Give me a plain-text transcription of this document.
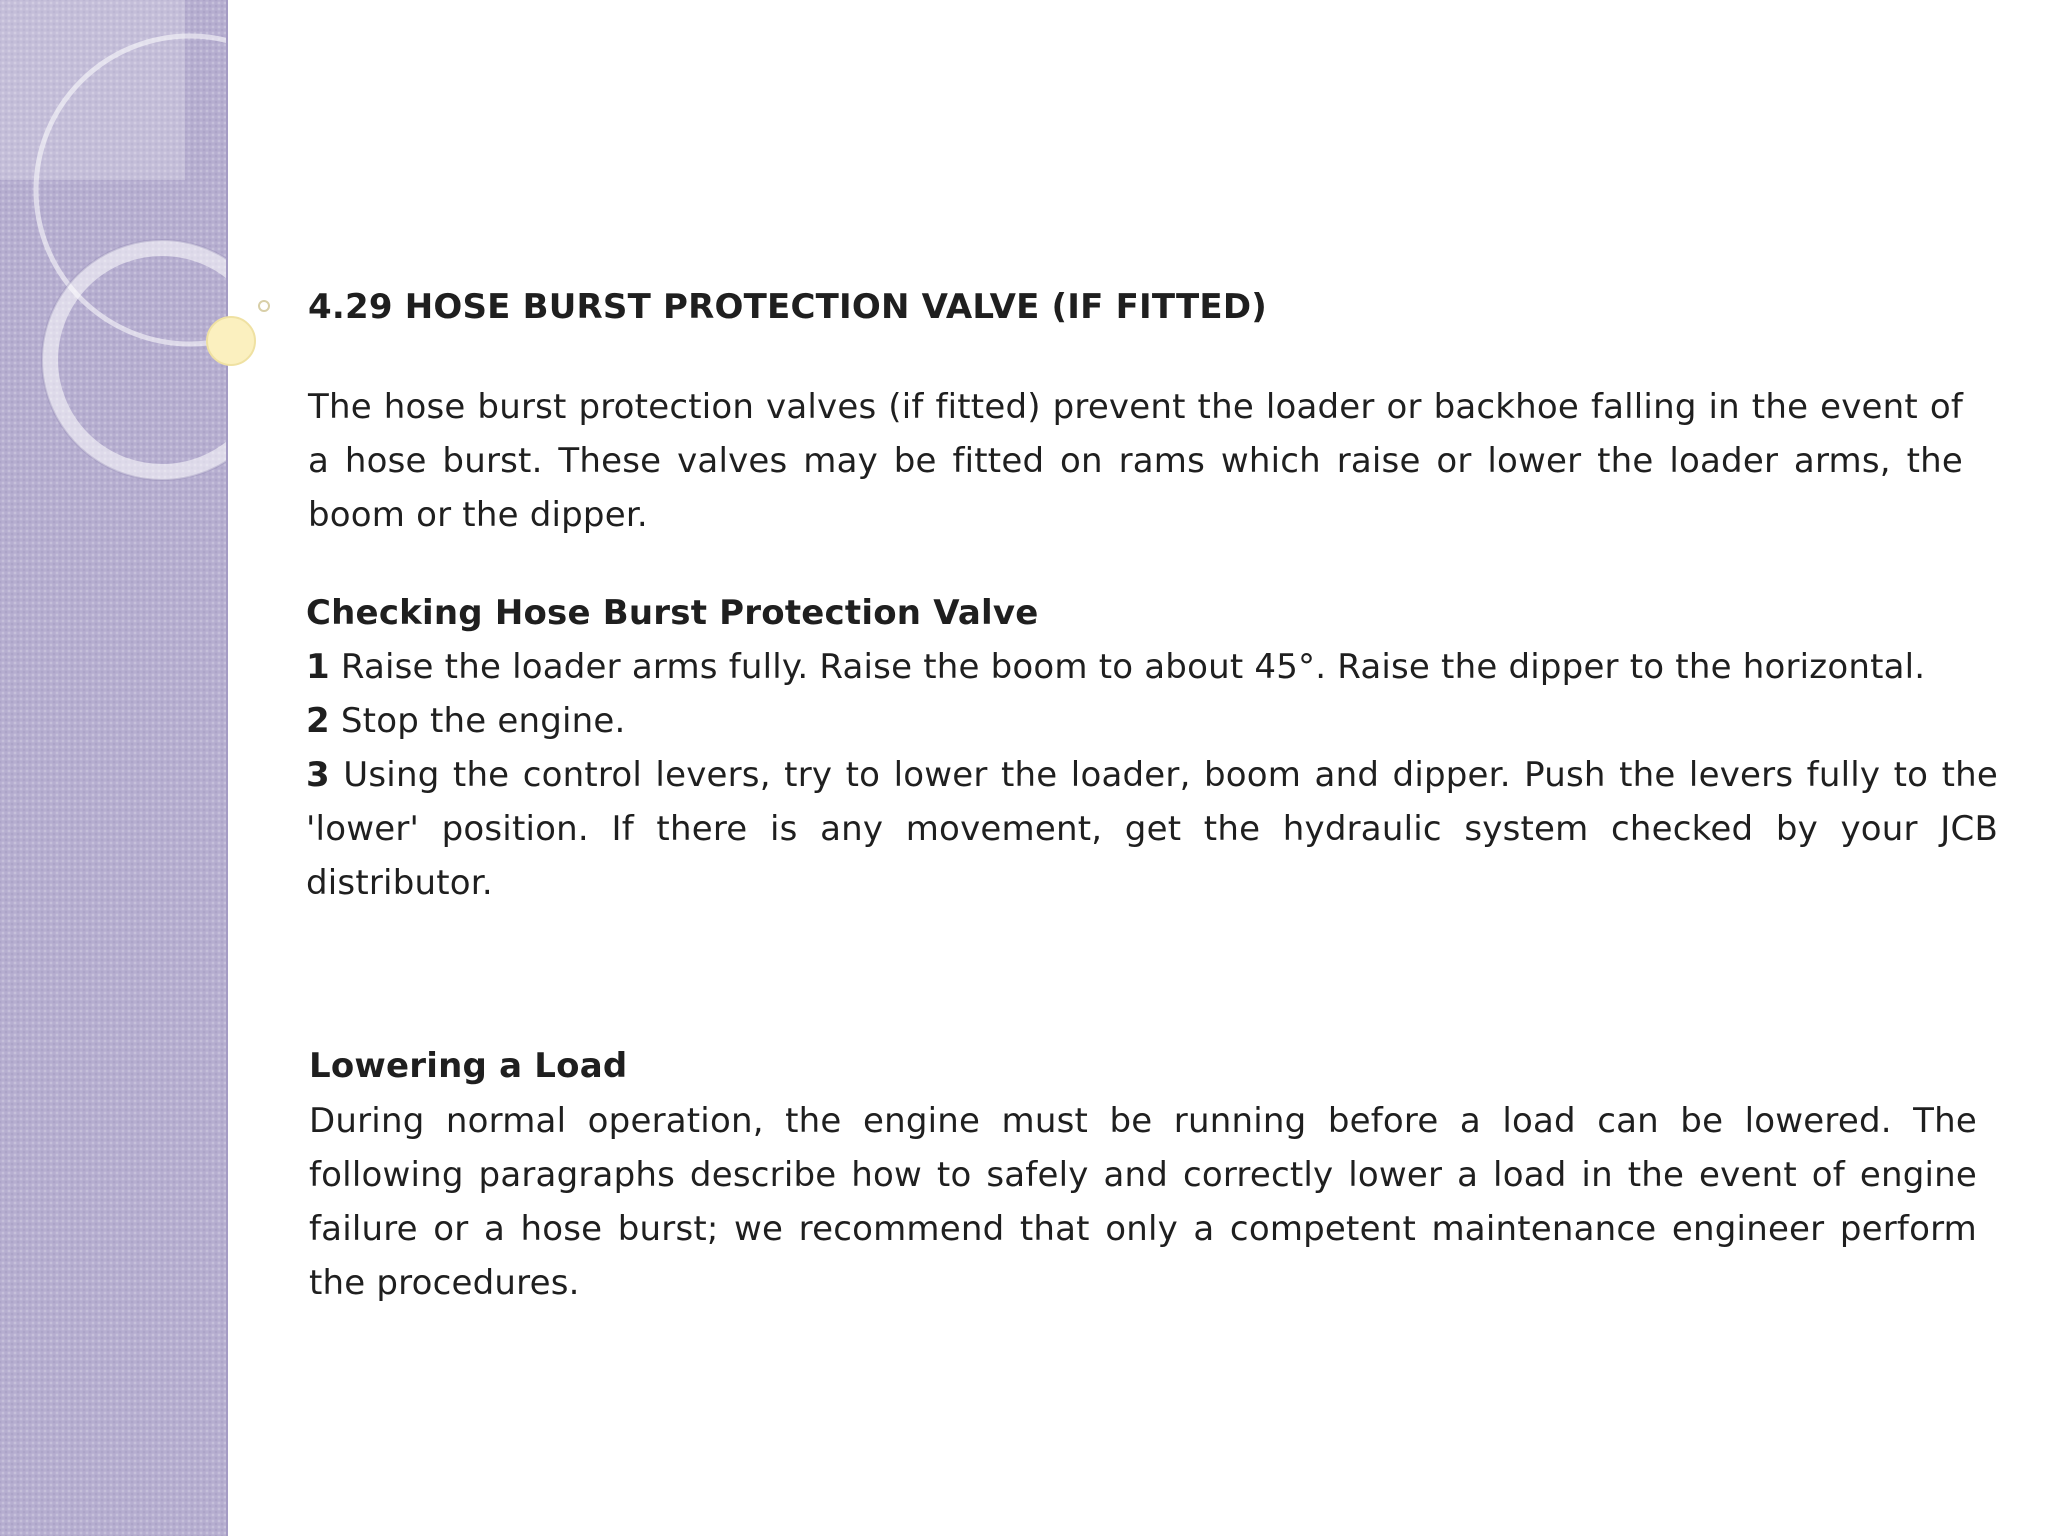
4.29 HOSE BURST PROTECTION VALVE (IF FITTED)

The hose burst protection valves (if fitted) prevent the loader or backhoe falling in the event of a hose burst. These valves may be fitted on rams which raise or lower the loader arms, the boom or the dipper.

Checking Hose Burst Protection Valve

1 Raise the loader arms fully. Raise the boom to about 45°. Raise the dipper to the horizontal.
2 Stop the engine.
3 Using the control levers, try to lower the loader, boom and dipper. Push the levers fully to the 'lower' position. If there is any movement, get the hydraulic system checked by your JCB distributor.

Lowering a Load

During normal operation, the engine must be running before a load can be lowered. The following paragraphs describe how to safely and correctly lower a load in the event of engine failure or a hose burst; we recommend that only a competent maintenance engineer perform the procedures.
